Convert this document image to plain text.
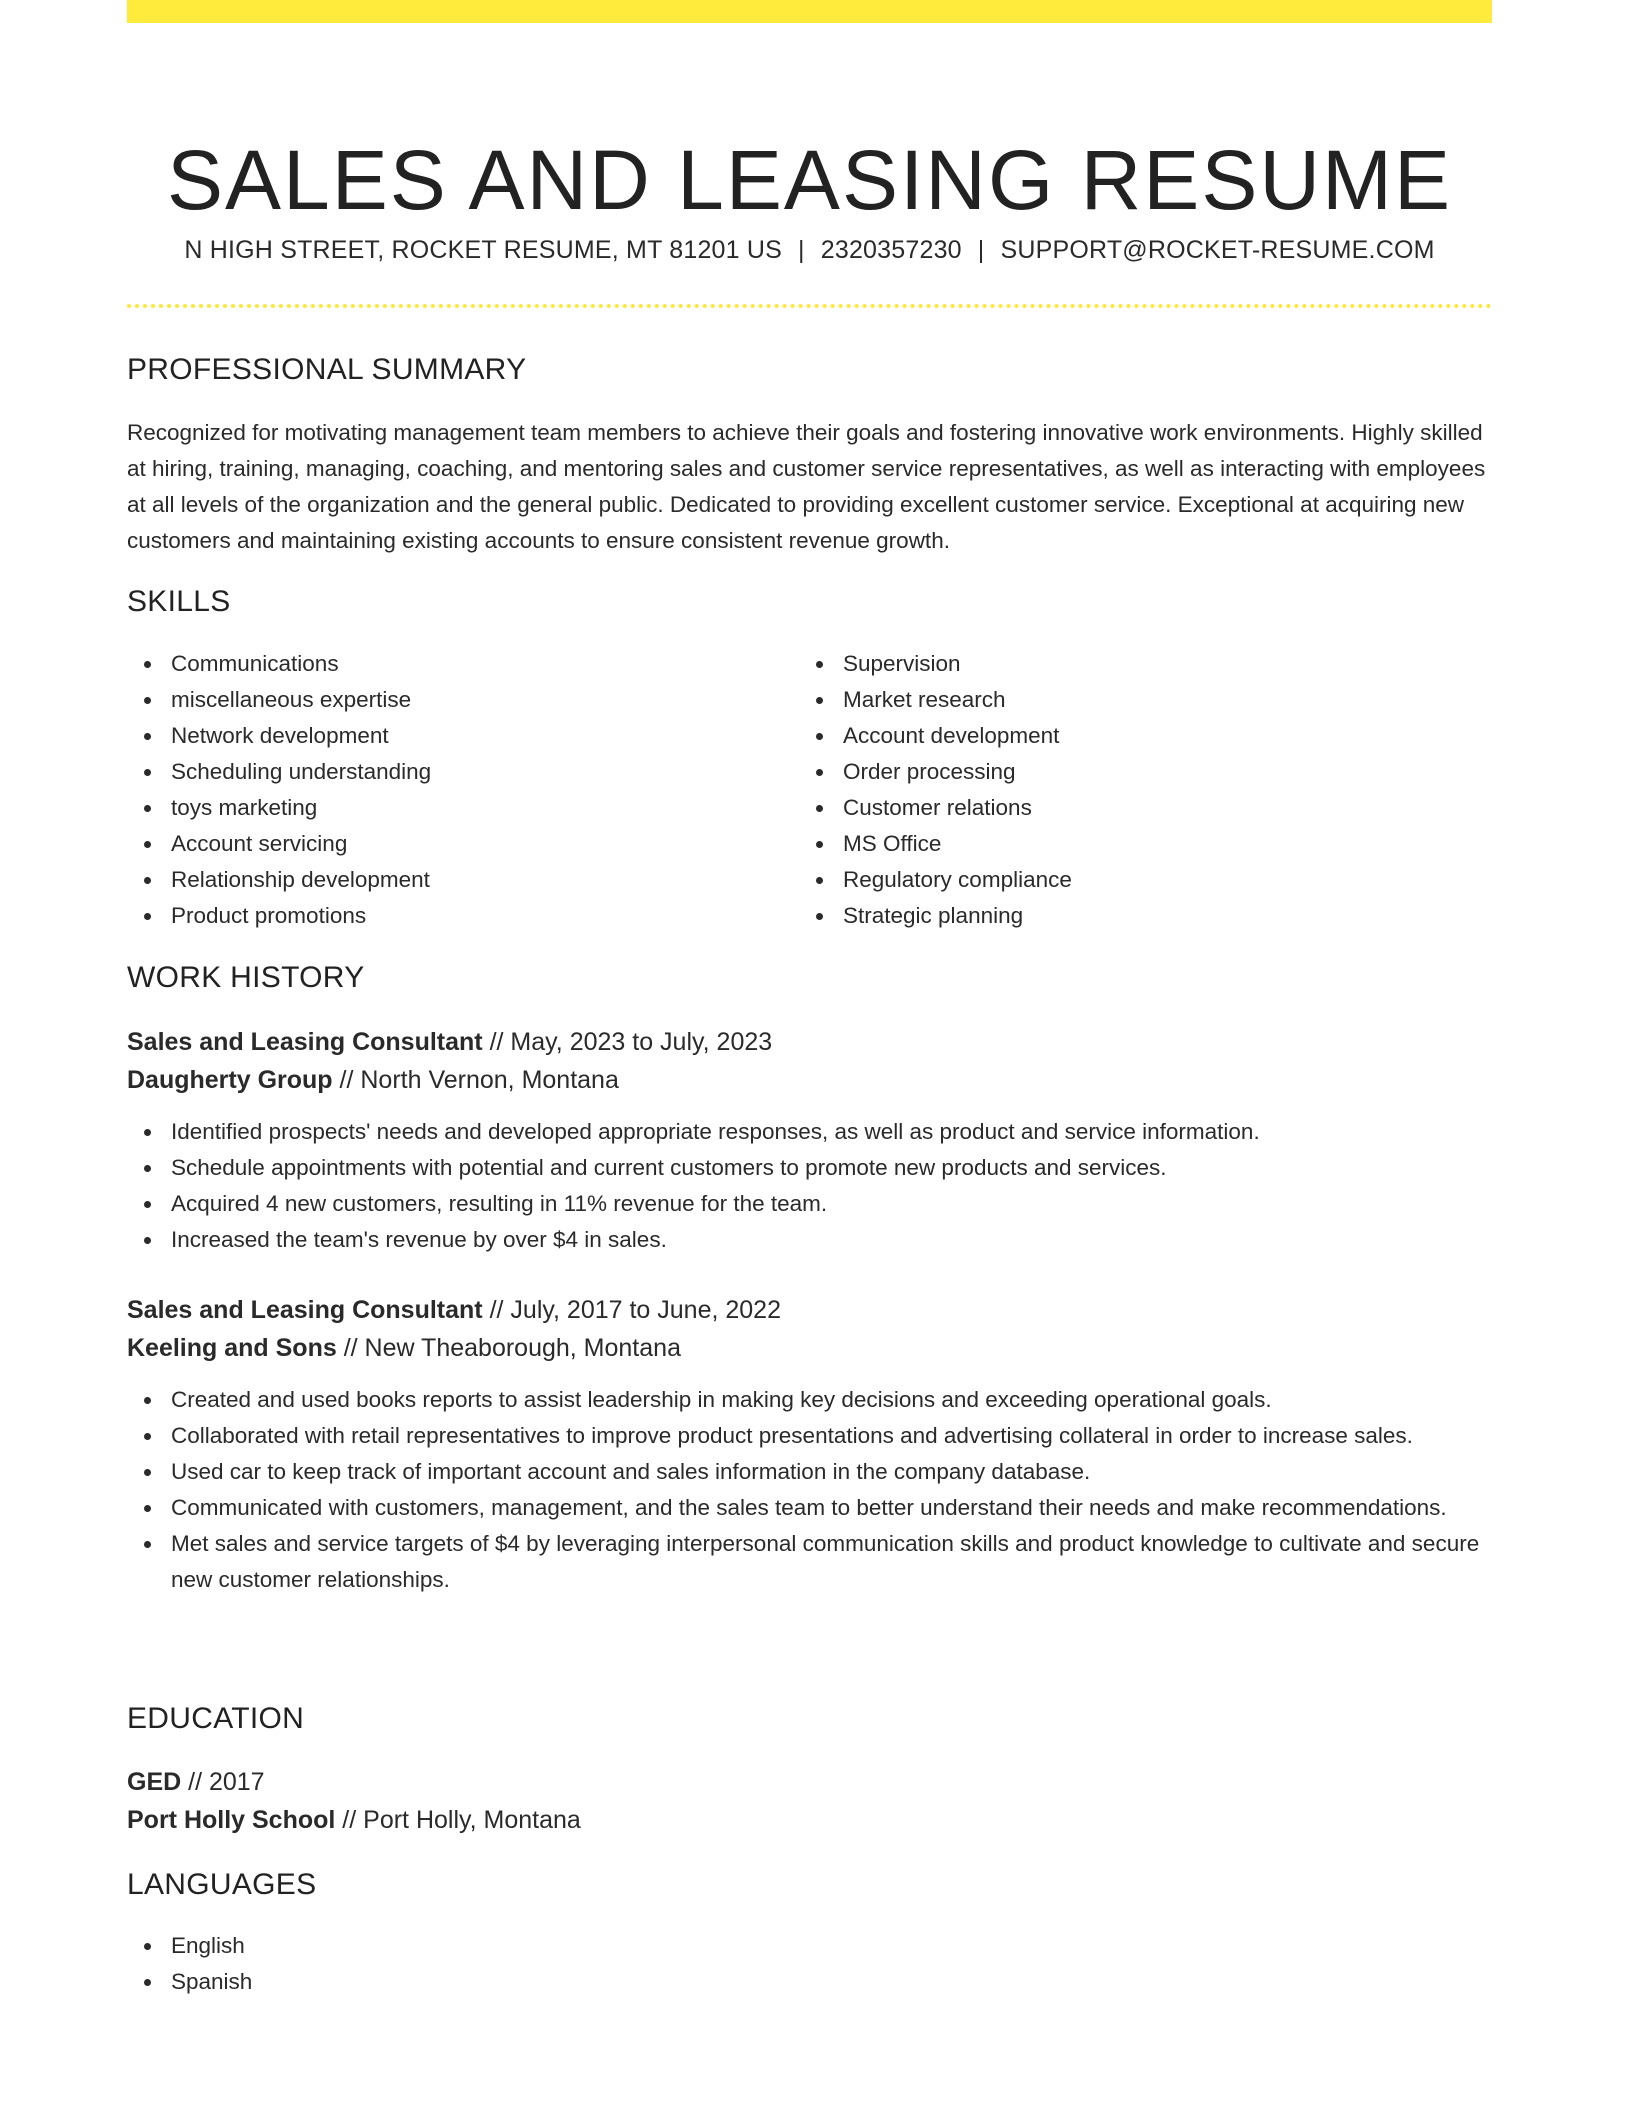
SALES AND LEASING RESUME
N HIGH STREET, ROCKET RESUME, MT 81201 US | 2320357230 | SUPPORT@ROCKET-RESUME.COM
PROFESSIONAL SUMMARY

Recognized for motivating management team members to achieve their goals and fostering innovative work environments. Highly skilled at hiring, training, managing, coaching, and mentoring sales and customer service representatives, as well as interacting with employees at all levels of the organization and the general public. Dedicated to providing excellent customer service. Exceptional at acquiring new customers and maintaining existing accounts to ensure consistent revenue growth.

SKILLS
Communications
miscellaneous expertise
Network development
Scheduling understanding
toys marketing
Account servicing
Relationship development
Product promotions
Supervision
Market research
Account development
Order processing
Customer relations
MS Office
Regulatory compliance
Strategic planning
WORK HISTORY
Sales and Leasing Consultant // May, 2023 to July, 2023
Daugherty Group // North Vernon, Montana
Identified prospects' needs and developed appropriate responses, as well as product and service information.
Schedule appointments with potential and current customers to promote new products and services.
Acquired 4 new customers, resulting in 11% revenue for the team.
Increased the team's revenue by over $4 in sales.
Sales and Leasing Consultant // July, 2017 to June, 2022
Keeling and Sons // New Theaborough, Montana
Created and used books reports to assist leadership in making key decisions and exceeding operational goals.
Collaborated with retail representatives to improve product presentations and advertising collateral in order to increase sales.
Used car to keep track of important account and sales information in the company database.
Communicated with customers, management, and the sales team to better understand their needs and make recommendations.
Met sales and service targets of $4 by leveraging interpersonal communication skills and product knowledge to cultivate and secure new customer relationships.
EDUCATION
GED // 2017
Port Holly School // Port Holly, Montana
LANGUAGES
English
Spanish
